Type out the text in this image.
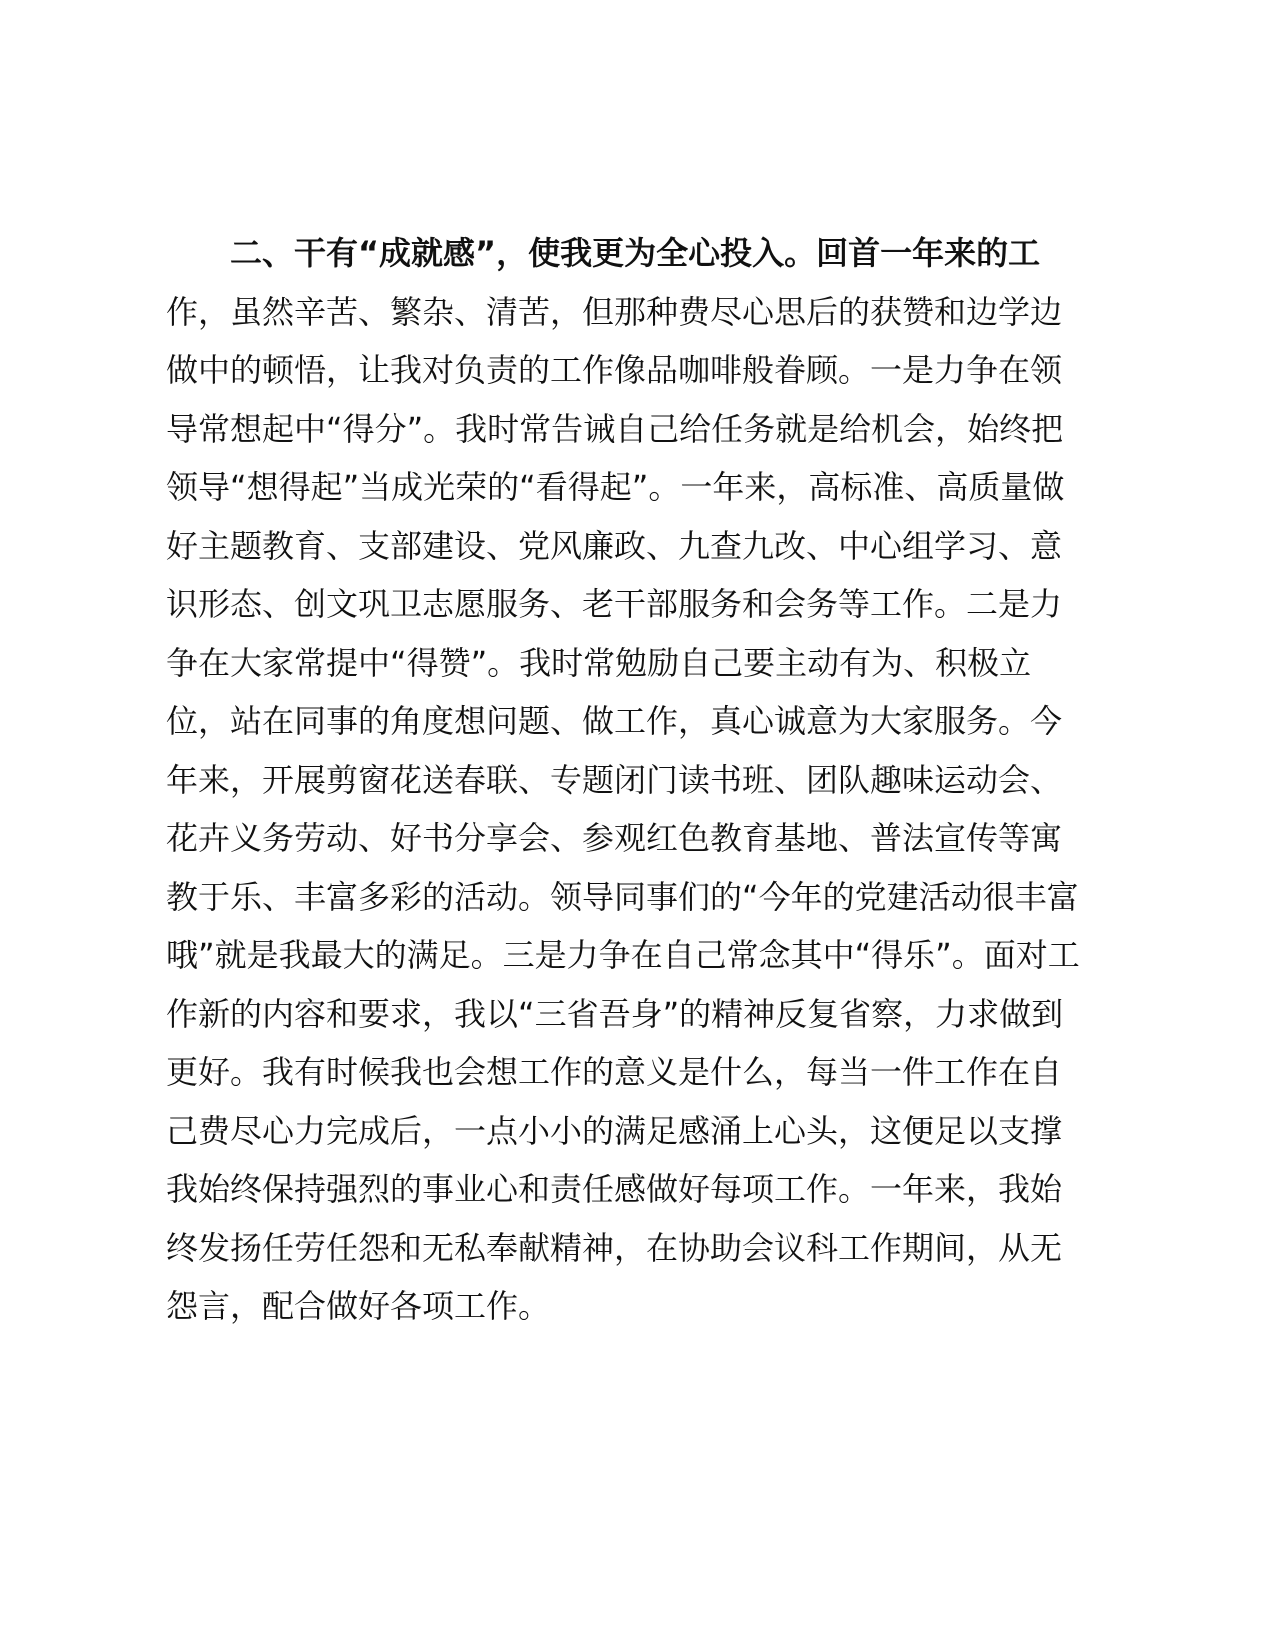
二、干有“成就感”，使我更为全心投入。回首一年来的工
作，虽然辛苦、繁杂、清苦，但那种费尽心思后的获赞和边学边
做中的顿悟，让我对负责的工作像品咖啡般眷顾。一是力争在领
导常想起中“得分”。我时常告诫自己给任务就是给机会，始终把
领导“想得起”当成光荣的“看得起”。一年来，高标准、高质量做
好主题教育、支部建设、党风廉政、九查九改、中心组学习、意
识形态、创文巩卫志愿服务、老干部服务和会务等工作。二是力
争在大家常提中“得赞”。我时常勉励自己要主动有为、积极立
位，站在同事的角度想问题、做工作，真心诚意为大家服务。今
年来，开展剪窗花送春联、专题闭门读书班、团队趣味运动会、
花卉义务劳动、好书分享会、参观红色教育基地、普法宣传等寓
教于乐、丰富多彩的活动。领导同事们的“今年的党建活动很丰富
哦”就是我最大的满足。三是力争在自己常念其中“得乐”。面对工
作新的内容和要求，我以“三省吾身”的精神反复省察，力求做到
更好。我有时候我也会想工作的意义是什么，每当一件工作在自
己费尽心力完成后，一点小小的满足感涌上心头，这便足以支撑
我始终保持强烈的事业心和责任感做好每项工作。一年来，我始
终发扬任劳任怨和无私奉献精神，在协助会议科工作期间，从无
怨言，配合做好各项工作。
